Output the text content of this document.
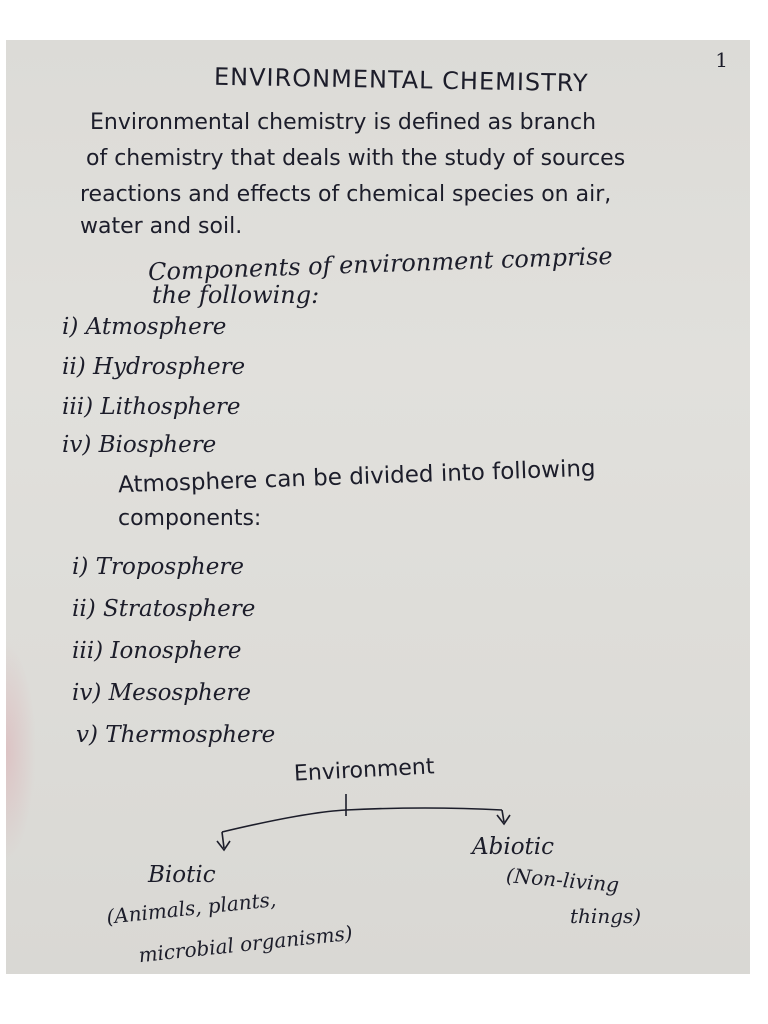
1
ENVIRONMENTAL CHEMISTRY
Environmental chemistry is defined as branch
of chemistry that deals with the study of sources
reactions and effects of chemical species on air,
water and soil.
Components of environment comprise
the following:
i) Atmosphere
ii) Hydrosphere
iii) Lithosphere
iv) Biosphere
Atmosphere can be divided into following
components:
i) Troposphere
ii) Stratosphere
iii) Ionosphere
iv) Mesosphere
v) Thermosphere
Environment
Biotic
(Animals, plants,
microbial organisms)
Abiotic
(Non-living
things)
